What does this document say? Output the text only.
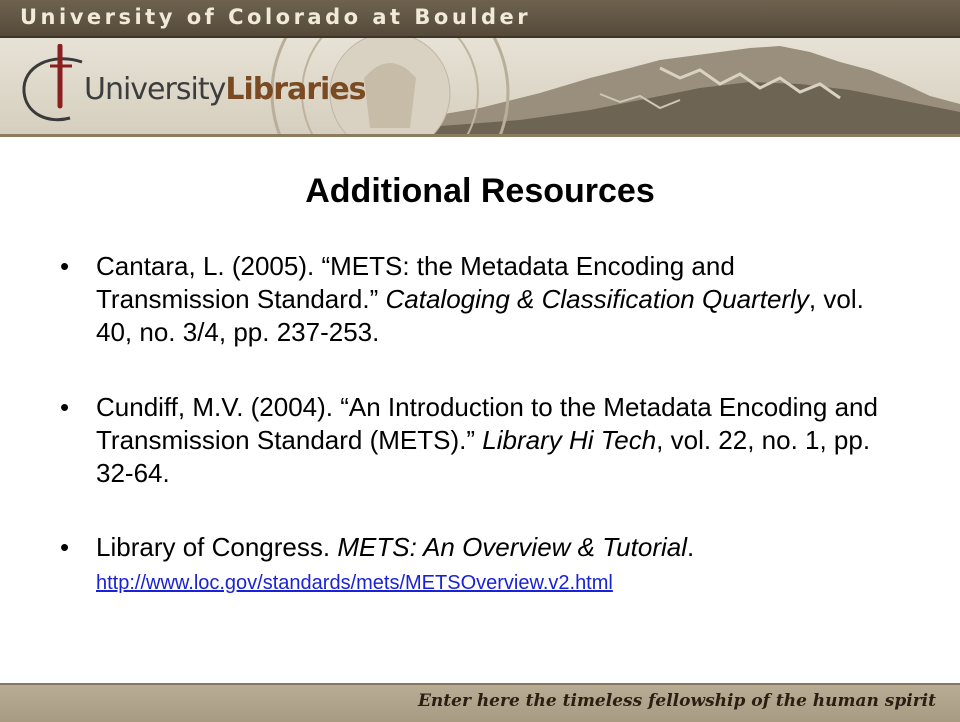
University of Colorado at Boulder
UniversityLibraries
Additional Resources
• Cantara, L. (2005). “METS: the Metadata Encoding and Transmission Standard.” Cataloging & Classification Quarterly, vol. 40, no. 3/4, pp. 237-253.
• Cundiff, M.V. (2004). “An Introduction to the Metadata Encoding and Transmission Standard (METS).” Library Hi Tech, vol. 22, no. 1, pp. 32-64.
• Library of Congress. METS: An Overview & Tutorial.
http://www.loc.gov/standards/mets/METSOverview.v2.html
Enter here the timeless fellowship of the human spirit
